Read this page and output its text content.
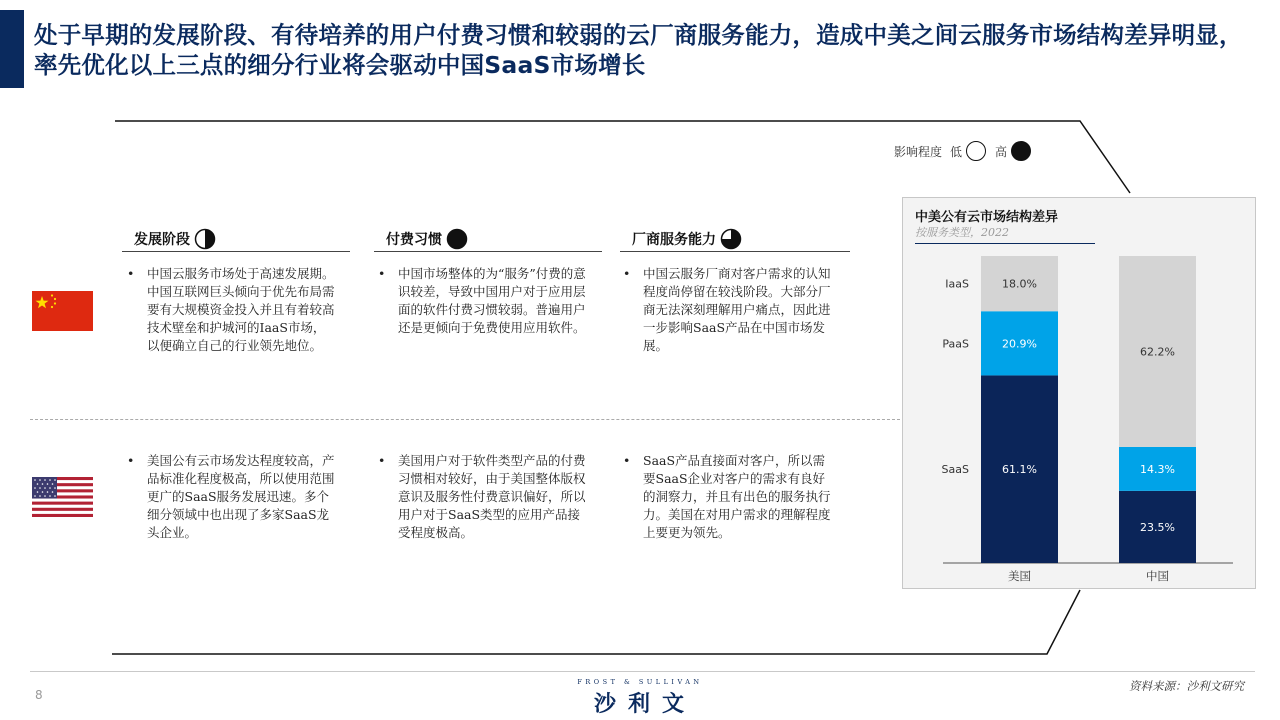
处于早期的发展阶段、有待培养的用户付费习惯和较弱的云厂商服务能力，造成中美之间云服务市场结构差异明显，率先优化以上三点的细分行业将会驱动中国SaaS市场增长
影响程度 低	高
发展阶段	付费习惯	厂商服务能力
•	中国云服务市场处于高速发展期。中国互联网巨头倾向于优先布局需要有大规模资金投入并且有着较高技术壁垒和护城河的IaaS市场，以便确立自己的行业领先地位。
•	中国市场整体的为“服务”付费的意识较差，导致中国用户对于应用层面的软件付费习惯较弱。普遍用户还是更倾向于免费使用应用软件。
•	中国云服务厂商对客户需求的认知程度尚停留在较浅阶段。大部分厂商无法深刻理解用户痛点，因此进一步影响SaaS产品在中国市场发展。
•	美国公有云市场发达程度较高，产品标准化程度极高，所以使用范围更广的SaaS服务发展迅速。多个细分领域中也出现了多家SaaS龙头企业。
•	美国用户对于软件类型产品的付费习惯相对较好，由于美国整体版权意识及服务性付费意识偏好，所以用户对于SaaS类型的应用产品接受程度极高。
•	SaaS产品直接面对客户，所以需要SaaS企业对客户的需求有良好的洞察力，并且有出色的服务执行力。美国在对用户需求的理解程度上要更为领先。
中美公有云市场结构差异
按服务类型，2022
61.1%
SaaS
20.9%
PaaS
18.0%
IaaS
美国
23.5%
14.3%
62.2%
中国
8
FROST & SULLIVAN
沙利文
资料来源：沙利文研究
